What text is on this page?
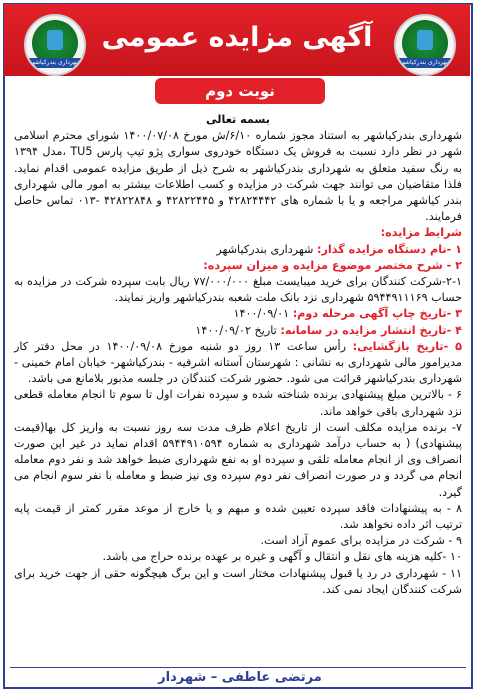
آگهی مزایده عمومی
شهرداری بندرکیاشهر	شهرداری بندرکیاشهر
نوبت دوم

بسمه تعالی

شهرداری بندرکیاشهر به استناد مجوز شماره ۶/۱۰/ش مورخ ۱۴۰۰/۰۷/۰۸ شورای محترم اسلامی شهر در نظر دارد نسبت به فروش یک دستگاه خودروی سواری پژو تیپ پارس TU5 ،مدل ۱۳۹۴ به رنگ سفید متعلق به شهرداری بندرکیاشهر به شرح ذیل از طریق مزایده عمومی اقدام نماید. فلذا متقاضیان می توانند جهت شرکت در مزایده و کسب اطلاعات بیشتر به امور مالی شهرداری بندر کیاشهر مراجعه و یا با شماره های ۴۲۸۲۴۴۴۲ و ۴۲۸۲۲۴۴۵ و ۴۲۸۲۲۸۴۸ -۰۱۳ تماس حاصل فرمایند.

شرایط مزایده:

۱ -نام دستگاه مزایده گذار: شهرداری بندرکیاشهر

۲ - شرح مختصر موضوع مزایده و میزان سپرده:

۲-۱-شرکت کنندگان برای خرید میبایست مبلغ ۷۷/۰۰۰/۰۰۰ ریال بابت سپرده شرکت در مزایده به حساب ۵۹۴۴۹۱۱۱۶۹ شهرداری نزد بانک ملت شعبه بندرکیاشهر واریز نمایند.

۳ -تاریخ چاپ آگهی مرحله دوم: ۱۴۰۰/۰۹/۰۱

۴ -تاریخ انتشار مزایده در سامانه: تاریخ ۱۴۰۰/۰۹/۰۲

۵ -تاریخ بازگشایی: رأس ساعت ۱۳ روز دو شنبه مورخ ۱۴۰۰/۰۹/۰۸ در محل دفتر کار مدیرامور مالی شهرداری به نشانی : شهرستان آستانه اشرفیه - بندرکیاشهر- خیابان امام خمینی - شهرداری بندرکیاشهر قرائت می شود. حضور شرکت کنندگان در جلسه مذبور بلامانع می باشد.

۶ - بالاترین مبلغ پیشنهادی برنده شناخته شده و سپرده نفرات اول تا سوم تا انجام معامله قطعی نزد شهرداری باقی خواهد ماند.

۷- برنده مزایده مکلف است از تاریخ اعلام ظرف مدت سه روز نسبت به واریز کل بها(قیمت پیشنهادی) ( به حساب درآمد شهرداری به شماره ۵۹۴۴۹۱۰۵۹۴ اقدام نماید در غیر این صورت انصراف وی از انجام معامله تلقی و سپرده او به نفع شهرداری ضبط خواهد شد و نفر دوم معامله انجام می گردد و در صورت انصراف نفر دوم سپرده وی نیز ضبط و معامله با نفر سوم انجام می گیرد.

۸ - به پیشنهادات فاقد سپرده تعیین شده و مبهم و یا خارج از موعد مقرر کمتر از قیمت پایه ترتیب اثر داده نخواهد شد.

۹ - شرکت در مزایده برای عموم آزاد است.

۱۰ -کلیه هزینه های نقل و انتقال و آگهی و غیره بر عهده برنده حراج می باشد.

۱۱ - شهرداری در رد یا قبول پیشنهادات مختار است و این برگ هیچگونه حقی از جهت خرید برای شرکت کنندگان ایجاد نمی کند.

مرتضی عاطفی – شهردار
